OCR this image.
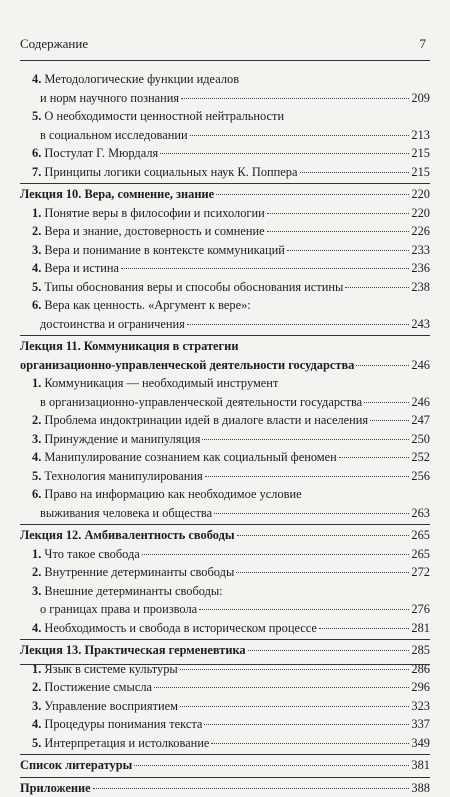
Содержание	7
4. Методологические функции идеалов
и норм научного познания	209
5. О необходимости ценностной нейтральности
в социальном исследовании	213
6. Постулат Г. Мюрдаля	215
7. Принципы логики социальных наук К. Поппера	215
Лекция 10. Вера, сомнение, знание	220
1. Понятие веры в философии и психологии	220
2. Вера и знание, достоверность и сомнение	226
3. Вера и понимание в контексте коммуникаций	233
4. Вера и истина	236
5. Типы обоснования веры и способы обоснования истины	238
6. Вера как ценность. «Аргумент к вере»:
достоинства и ограничения	243
Лекция 11. Коммуникация в стратегии
организационно-управленческой деятельности государства	246
1. Коммуникация — необходимый инструмент
в организационно-управленческой деятельности государства	246
2. Проблема индоктринации идей в диалоге власти и населения	247
3. Принуждение и манипуляция	250
4. Манипулирование сознанием как социальный феномен	252
5. Технология манипулирования	256
6. Право на информацию как необходимое условие
выживания человека и общества	263
Лекция 12. Амбивалентность свободы	265
1. Что такое свобода	265
2. Внутренние детерминанты свободы	272
3. Внешние детерминанты свободы:
о границах права и произвола	276
4. Необходимость и свобода в историческом процессе	281
Лекция 13. Практическая герменевтика	285
1. Язык в системе культуры	286
2. Постижение смысла	296
3. Управление восприятием	323
4. Процедуры понимания текста	337
5. Интерпретация и истолкование	349
Список литературы	381
Приложение	388
